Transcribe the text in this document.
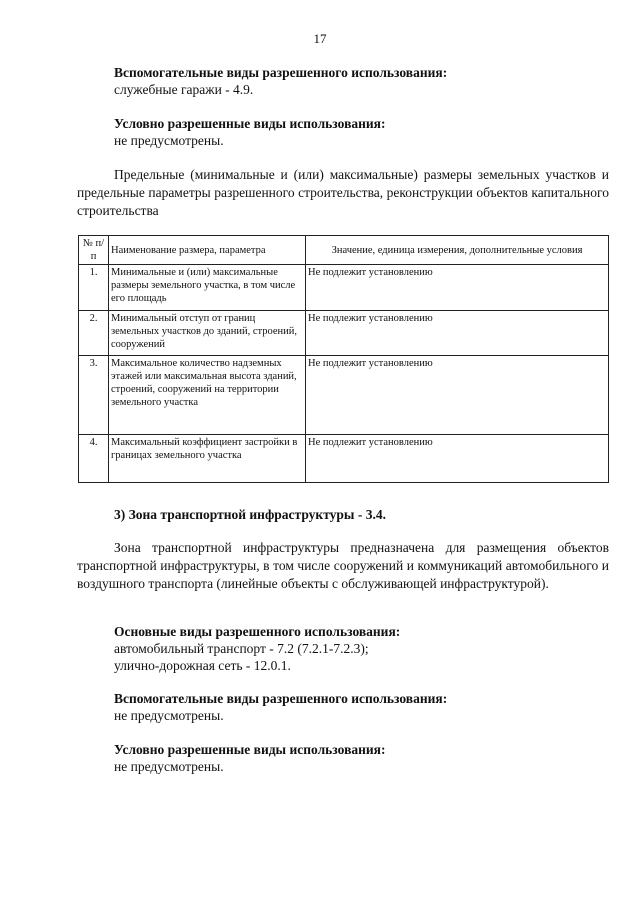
17
Вспомогательные виды разрешенного использования:
служебные гаражи - 4.9.
Условно разрешенные виды использования:
не предусмотрены.
Предельные (минимальные и (или) максимальные) размеры земельных участков и предельные параметры разрешенного строительства, реконструкции объектов капитального строительства
№ п/п	Наименование размера, параметра	Значение, единица измерения, дополнительные условия
1.	Минимальные и (или) максимальные размеры земельного участка, в том числе его площадь	Не подлежит установлению
2.	Минимальный отступ от границ земельных участков до зданий, строений, сооружений	Не подлежит установлению
3.	Максимальное количество надземных этажей или максимальная высота зданий, строений, сооружений на территории земельного участка	Не подлежит установлению
4.	Максимальный коэффициент застройки в границах земельного участка	Не подлежит установлению
3) Зона транспортной инфраструктуры - 3.4.
Зона транспортной инфраструктуры предназначена для размещения объектов транспортной инфраструктуры, в том числе сооружений и коммуникаций автомобильного и воздушного транспорта (линейные объекты с обслуживающей инфраструктурой).
Основные виды разрешенного использования:
автомобильный транспорт - 7.2 (7.2.1-7.2.3);
улично-дорожная сеть - 12.0.1.
Вспомогательные виды разрешенного использования:
не предусмотрены.
Условно разрешенные виды использования:
не предусмотрены.
